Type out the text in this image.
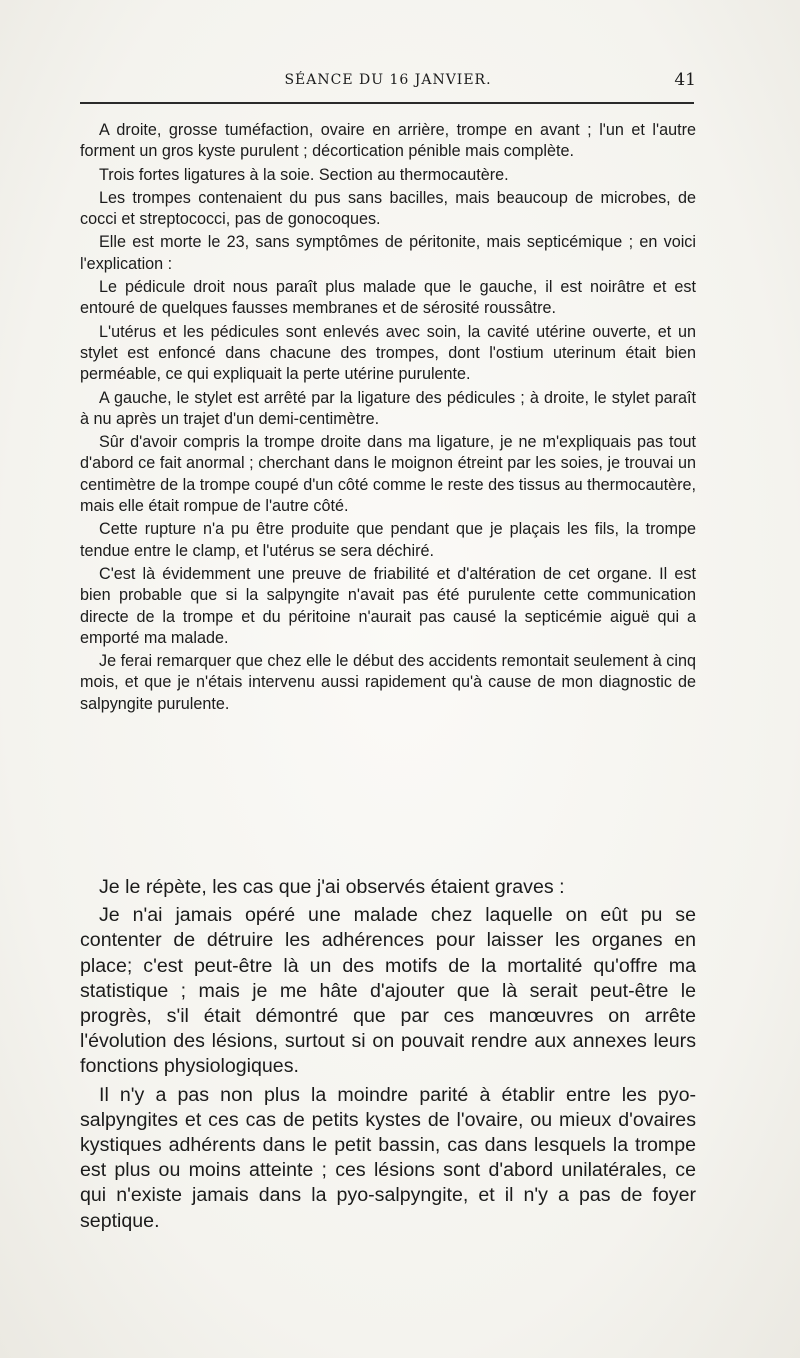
SÉANCE DU 16 JANVIER.	41

A droite, grosse tuméfaction, ovaire en arrière, trompe en avant ; l'un et l'autre forment un gros kyste purulent ; décortication pénible mais complète.

Trois fortes ligatures à la soie. Section au thermocautère.

Les trompes contenaient du pus sans bacilles, mais beaucoup de microbes, de cocci et streptococci, pas de gonocoques.

Elle est morte le 23, sans symptômes de péritonite, mais septicémique ; en voici l'explication :

Le pédicule droit nous paraît plus malade que le gauche, il est noirâtre et est entouré de quelques fausses membranes et de sérosité roussâtre.

L'utérus et les pédicules sont enlevés avec soin, la cavité utérine ouverte, et un stylet est enfoncé dans chacune des trompes, dont l'ostium uterinum était bien perméable, ce qui expliquait la perte utérine purulente.

A gauche, le stylet est arrêté par la ligature des pédicules ; à droite, le stylet paraît à nu après un trajet d'un demi-centimètre.

Sûr d'avoir compris la trompe droite dans ma ligature, je ne m'expliquais pas tout d'abord ce fait anormal ; cherchant dans le moignon étreint par les soies, je trouvai un centimètre de la trompe coupé d'un côté comme le reste des tissus au thermocautère, mais elle était rompue de l'autre côté.

Cette rupture n'a pu être produite que pendant que je plaçais les fils, la trompe tendue entre le clamp, et l'utérus se sera déchiré.

C'est là évidemment une preuve de friabilité et d'altération de cet organe. Il est bien probable que si la salpyngite n'avait pas été purulente cette communication directe de la trompe et du péritoine n'aurait pas causé la septicémie aiguë qui a emporté ma malade.

Je ferai remarquer que chez elle le début des accidents remontait seulement à cinq mois, et que je n'étais intervenu aussi rapidement qu'à cause de mon diagnostic de salpyngite purulente.

Je le répète, les cas que j'ai observés étaient graves :

Je n'ai jamais opéré une malade chez laquelle on eût pu se contenter de détruire les adhérences pour laisser les organes en place; c'est peut-être là un des motifs de la mortalité qu'offre ma statistique ; mais je me hâte d'ajouter que là serait peut-être le progrès, s'il était démontré que par ces manœuvres on arrête l'évolution des lésions, surtout si on pouvait rendre aux annexes leurs fonctions physiologiques.

Il n'y a pas non plus la moindre parité à établir entre les pyo-salpyngites et ces cas de petits kystes de l'ovaire, ou mieux d'ovaires kystiques adhérents dans le petit bassin, cas dans lesquels la trompe est plus ou moins atteinte ; ces lésions sont d'abord unilatérales, ce qui n'existe jamais dans la pyo-salpyngite, et il n'y a pas de foyer septique.
